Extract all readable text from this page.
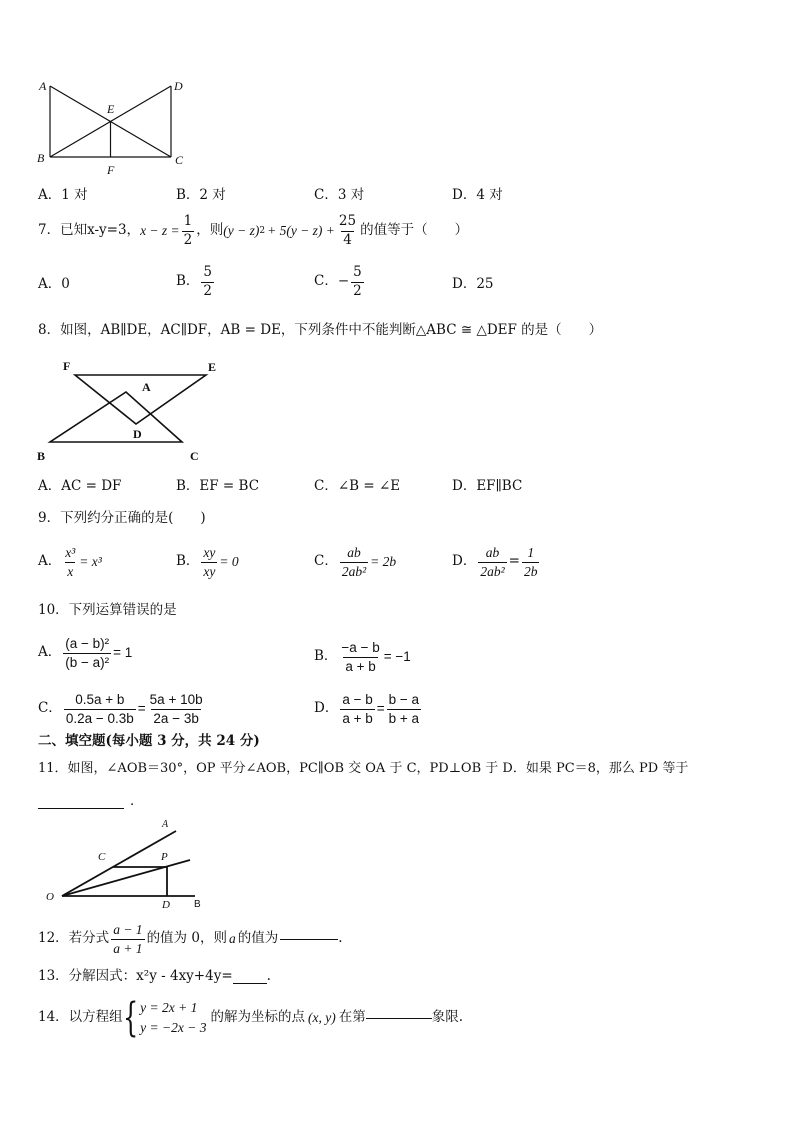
A	D
E
B	C
F
A．1 对	B．2 对	C．3 对	D．4 对
7．已知x-y=3， $x - z = \frac{1}{2}$ ，则 (y − z) $2 + 5(y - z) + \frac{25}{4}$ 的值等于（　　）
A．0	B． $\frac{5}{2}$	C．− $\frac{5}{2}$	D．25
8．如图，AB∥DE，AC∥DF，AB = DE，下列条件中不能判断△ABC ≅ △DEF 的是（　　）
F	E
A
D
B	C
A．AC = DF	B．EF = BC	C．∠B = ∠E	D．EF∥BC
9．下列约分正确的是(　　)
A． $\frac{\text{x³}}{x} = x^3$	B． $\frac{xy}{xy} = 0$	C． $\frac{ab}{\text{2ab²}} = 2b$	D． $\frac{ab}{\text{2ab²}} = \frac{1}{2b}$
10．下列运算错误的是
A． $\frac{\text{(a − b)²}}{\text{(b − a)²}} = 1$	B． $\frac{-a - b}{a + b} = -1$
C． $\frac{0.5a + b}{0.2a - 0.3b} = \frac{5a + 10b}{2a - 3b}$	D． $\frac{a - b}{a + b} = \frac{b - a}{b + a}$
二、填空题(每小题 3 分，共 24 分)
11．如图，∠AOB＝30°，OP 平分∠AOB，PC∥OB 交 OA 于 C，PD⊥OB 于 D．如果 PC＝8，那么 PD 等于
．
A
C	P
O
D B
12．若分式 $\frac{a - 1}{a + 1}$ 的值为 0，则 a 的值为	.
13．分解因式：x²y - 4xy+4y=	.
14．以方程组 { y = 2x + 1
y = −2x − 3
的解为坐标的点 (x, y) 在第	象限.
